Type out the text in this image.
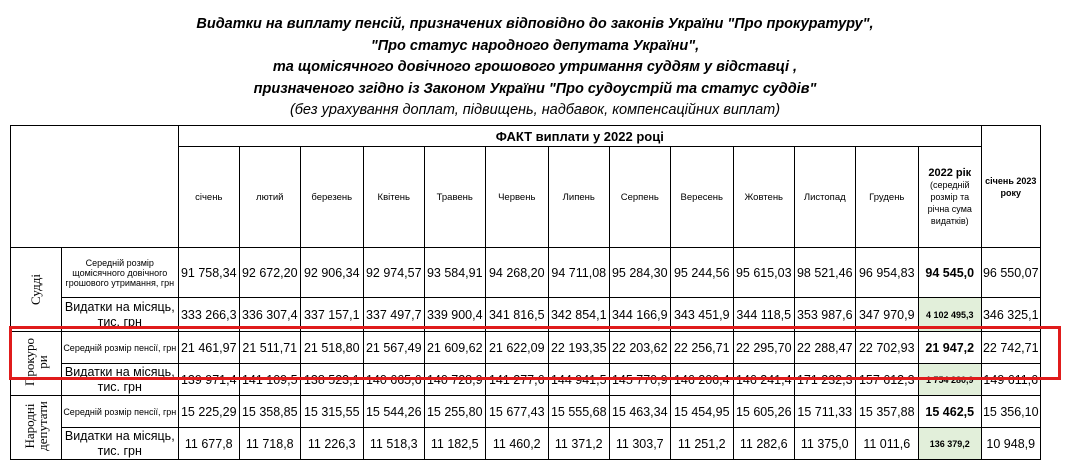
Видатки на виплату пенсій, призначених відповідно до законів України "Про прокуратуру",
"Про статус народного депутата України",
та щомісячного довічного грошового утримання суддям у відставці ,
призначеного згідно із Законом України "Про судоустрій та статус суддів"
(без урахування доплат, підвищень, надбавок, компенсаційних виплат)
		ФАКТ виплати у 2022 році													січень 2023 року
		січень	лютий	березень	Квітень	Травень	Червень	Липень	Серпень	Вересень	Жовтень	Листопад	Грудень	2022 рік
(середній розмір та річна сума видатків)	
Судді	Середній розмір щомісячного довічного грошового утримання, грн	91 758,34	92 672,20	92 906,34	92 974,57	93 584,91	94 268,20	94 711,08	95 284,30	95 244,56	95 615,03	98 521,46	96 954,83	94 545,0	96 550,07
	Видатки на місяць, тис. грн	333 266,3	336 307,4	337 157,1	337 497,7	339 900,4	341 816,5	342 854,1	344 166,9	343 451,9	344 118,5	353 987,6	347 970,9	4 102 495,3	346 325,1
Прокуро
ри	Середній розмір пенсії, грн	21 461,97	21 511,71	21 518,80	21 567,49	21 609,62	21 622,09	22 193,35	22 203,62	22 256,71	22 295,70	22 288,47	22 702,93	21 947,2	22 742,71
	Видатки на місяць, тис. грн	139 971,4	141 109,5	138 523,1	140 665,6	140 728,9	141 277,6	144 941,5	145 770,9	146 206,4	146 241,4	171 232,3	157 612,3	1 754 280,9	149 611,6
Народні
депутати	Середній розмір пенсії, грн	15 225,29	15 358,85	15 315,55	15 544,26	15 255,80	15 677,43	15 555,68	15 463,34	15 454,95	15 605,26	15 711,33	15 357,88	15 462,5	15 356,10
	Видатки на місяць, тис. грн	11 677,8	11 718,8	11 226,3	11 518,3	11 182,5	11 460,2	11 371,2	11 303,7	11 251,2	11 282,6	11 375,0	11 011,6	136 379,2	10 948,9
